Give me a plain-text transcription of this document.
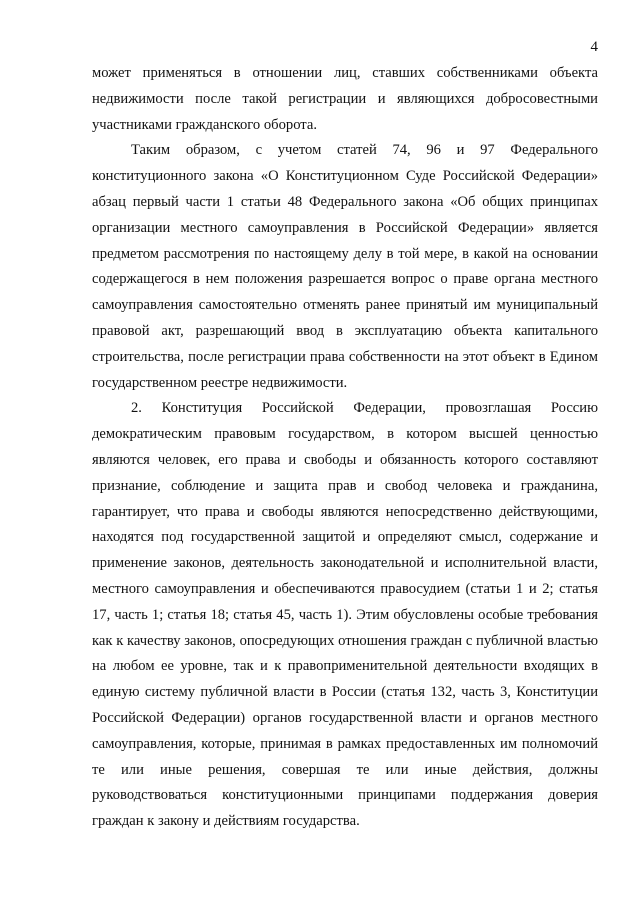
4

может применяться в отношении лиц, ставших собственниками объекта недвижимости после такой регистрации и являющихся добросовестными участниками гражданского оборота.

Таким образом, с учетом статей 74, 96 и 97 Федерального конституционного закона «О Конституционном Суде Российской Федерации» абзац первый части 1 статьи 48 Федерального закона «Об общих принципах организации местного самоуправления в Российской Федерации» является предметом рассмотрения по настоящему делу в той мере, в какой на основании содержащегося в нем положения разрешается вопрос о праве органа местного самоуправления самостоятельно отменять ранее принятый им муниципальный правовой акт, разрешающий ввод в эксплуатацию объекта капитального строительства, после регистрации права собственности на этот объект в Едином государственном реестре недвижимости.

2. Конституция Российской Федерации, провозглашая Россию демократическим правовым государством, в котором высшей ценностью являются человек, его права и свободы и обязанность которого составляют признание, соблюдение и защита прав и свобод человека и гражданина, гарантирует, что права и свободы являются непосредственно действующими, находятся под государственной защитой и определяют смысл, содержание и применение законов, деятельность законодательной и исполнительной власти, местного самоуправления и обеспечиваются правосудием (статьи 1 и 2; статья 17, часть 1; статья 18; статья 45, часть 1). Этим обусловлены особые требования как к качеству законов, опосредующих отношения граждан с публичной властью на любом ее уровне, так и к правоприменительной деятельности входящих в единую систему публичной власти в России (статья 132, часть 3, Конституции Российской Федерации) органов государственной власти и органов местного самоуправления, которые, принимая в рамках предоставленных им полномочий те или иные решения, совершая те или иные действия, должны руководствоваться конституционными принципами поддержания доверия граждан к закону и действиям государства.
